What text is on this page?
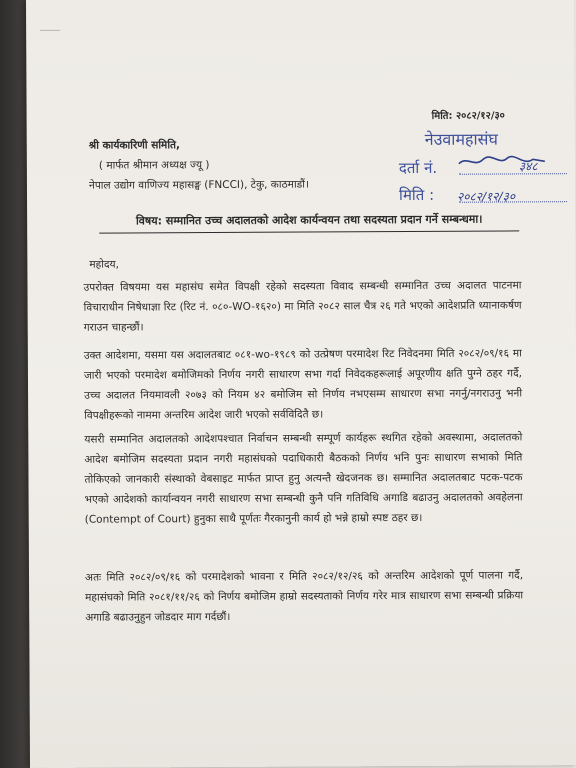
मिति: २०८२/१२/३०
श्री कार्यकारिणी समिति,
( मार्फत श्रीमान अध्यक्ष ज्यू )
नेपाल उद्योग वाणिज्य महासङ्घ (FNCCI), टेकु, काठमाडौं।
नेउवामहासंघ
दर्ता नं.
मिति :
३४८
२०८२/१२/३०
विषय: सम्मानित उच्च अदालतको आदेश कार्यन्वयन तथा सदस्यता प्रदान गर्ने सम्बन्धमा।
महोदय,
उपरोक्त विषयमा यस महासंघ समेत विपक्षी रहेको सदस्यता विवाद सम्बन्धी सम्मानित उच्च अदालत पाटनमा विचाराधीन निषेधाज्ञा रिट (रिट नं. ०८०-WO-१६२०) मा मिति २०८२ साल चैत्र २६ गते भएको आदेशप्रति ध्यानाकर्षण गराउन चाहन्छौं।
उक्त आदेशमा, यसमा यस अदालतबाट ०८१-wo-१९८९ को उत्प्रेषण परमादेश रिट निवेदनमा मिति २०८२/०९/१६ मा जारी भएको परमादेश बमोजिमको निर्णय नगरी साधारण सभा गर्दा निवेदकहरूलाई अपूरणीय क्षति पुग्ने ठहर गर्दै, उच्च अदालत नियमावली २०७३ को नियम ४२ बमोजिम सो निर्णय नभएसम्म साधारण सभा नगर्नु/नगराउनु भनी विपक्षीहरूको नाममा अन्तरिम आदेश जारी भएको सर्वविदितै छ।
यसरी सम्मानित अदालतको आदेशपश्चात निर्वाचन सम्बन्धी सम्पूर्ण कार्यहरू स्थगित रहेको अवस्थामा, अदालतको आदेश बमोजिम सदस्यता प्रदान नगरी महासंघको पदाधिकारी बैठकको निर्णय भनि पुनः साधारण सभाको मिति तोकिएको जानकारी संस्थाको वेबसाइट मार्फत प्राप्त हुनु अत्यन्तै खेदजनक छ। सम्मानित अदालतबाट पटक-पटक भएको आदेशको कार्यान्वयन नगरी साधारण सभा सम्बन्धी कुनै पनि गतिविधि अगाडि बढाउनु अदालतको अवहेलना (Contempt of Court) हुनुका साथै पूर्णतः गैरकानुनी कार्य हो भन्ने हाम्रो स्पष्ट ठहर छ।
अतः मिति २०८२/०९/१६ को परमादेशको भावना र मिति २०८२/१२/२६ को अन्तरिम आदेशको पूर्ण पालना गर्दै, महासंघको मिति २०८१/११/२६ को निर्णय बमोजिम हाम्रो सदस्यताको निर्णय गरेर मात्र साधारण सभा सम्बन्धी प्रक्रिया अगाडि बढाउनुहुन जोडदार माग गर्दछौं।
